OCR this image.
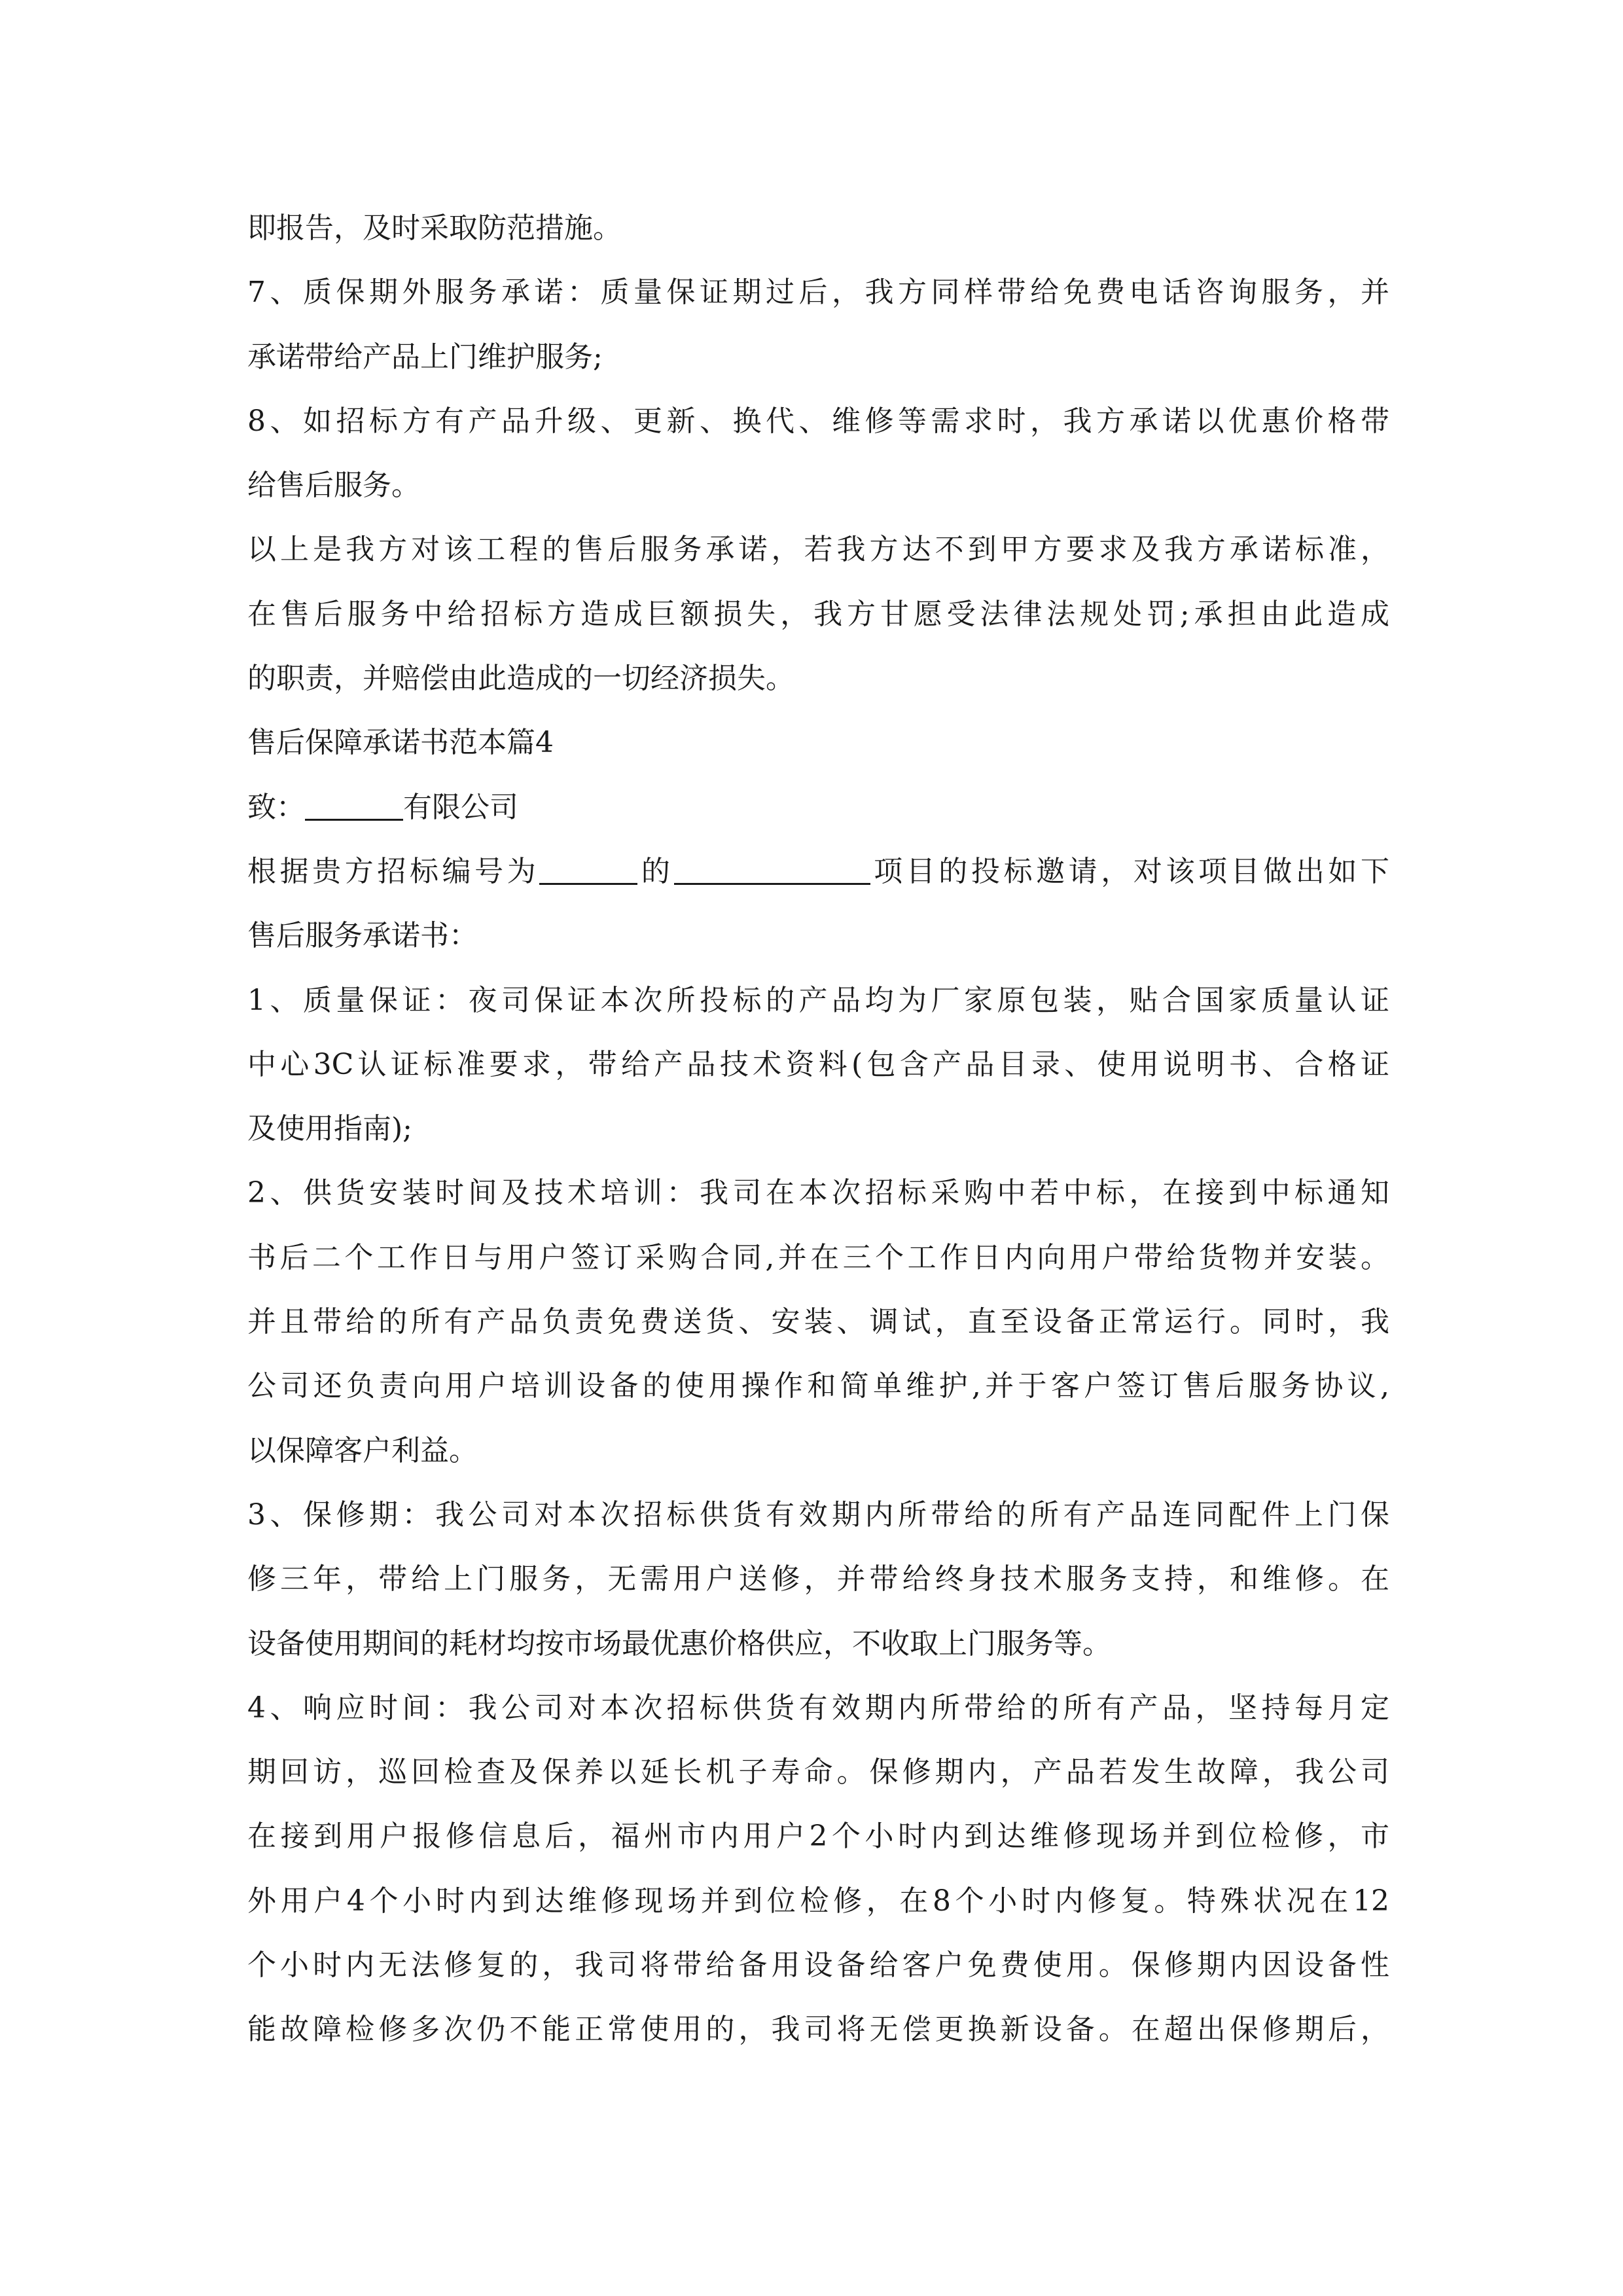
即报告，及时采取防范措施。
7、质保期外服务承诺：质量保证期过后，我方同样带给免费电话咨询服务，并
承诺带给产品上门维护服务;
8、如招标方有产品升级、更新、换代、维修等需求时，我方承诺以优惠价格带
给售后服务。
以上是我方对该工程的售后服务承诺，若我方达不到甲方要求及我方承诺标准，
在售后服务中给招标方造成巨额损失，我方甘愿受法律法规处罚;承担由此造成
的职责，并赔偿由此造成的一切经济损失。
售后保障承诺书范本篇4
致：	有限公司
根据贵方招标编号为	的	项目的投标邀请，对该项目做出如下
售后服务承诺书：
1、质量保证：夜司保证本次所投标的产品均为厂家原包装，贴合国家质量认证
中心3C认证标准要求，带给产品技术资料(包含产品目录、使用说明书、合格证
及使用指南);
2、供货安装时间及技术培训：我司在本次招标采购中若中标，在接到中标通知
书后二个工作日与用户签订采购合同,并在三个工作日内向用户带给货物并安装。
并且带给的所有产品负责免费送货、安装、调试，直至设备正常运行。同时，我
公司还负责向用户培训设备的使用操作和简单维护,并于客户签订售后服务协议,
以保障客户利益。
3、保修期：我公司对本次招标供货有效期内所带给的所有产品连同配件上门保
修三年，带给上门服务，无需用户送修，并带给终身技术服务支持，和维修。在
设备使用期间的耗材均按市场最优惠价格供应，不收取上门服务等。
4、响应时间：我公司对本次招标供货有效期内所带给的所有产品，坚持每月定
期回访，巡回检查及保养以延长机子寿命。保修期内，产品若发生故障，我公司
在接到用户报修信息后，福州市内用户2个小时内到达维修现场并到位检修，市
外用户4个小时内到达维修现场并到位检修，在8个小时内修复。特殊状况在12
个小时内无法修复的，我司将带给备用设备给客户免费使用。保修期内因设备性
能故障检修多次仍不能正常使用的，我司将无偿更换新设备。在超出保修期后，
